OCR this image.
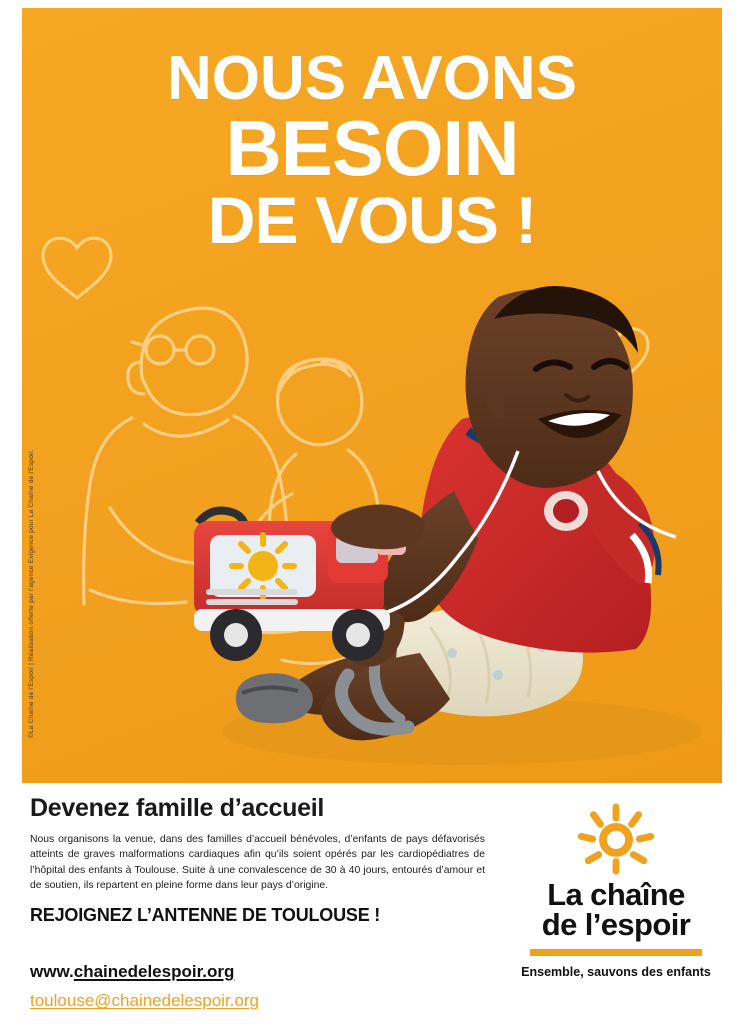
NOUS AVONS
BESOIN
DE VOUS !
©La Chaîne de l'Espoir | Réalisation offerte par l'agence Exigence pour La Chaîne de l'Espoir.
Devenez famille d’accueil
Nous organisons la venue, dans des familles d’accueil bénévoles, d’enfants de pays défavorisés atteints de graves malformations cardiaques afin qu’ils soient opérés par les cardiopédiatres de l’hôpital des enfants à Toulouse. Suite à une convalescence de 30 à 40 jours, entourés d’amour et de soutien, ils repartent en pleine forme dans leur pays d’origine.
REJOIGNEZ L’ANTENNE DE TOULOUSE !
www.chainedelespoir.org
toulouse@chainedelespoir.org
La chaîne
de l’espoir
Ensemble, sauvons des enfants
